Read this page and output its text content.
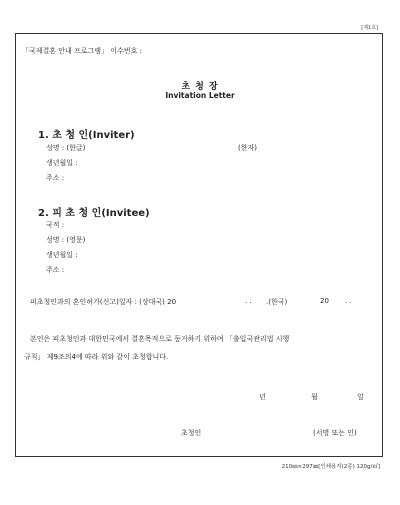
[제1호]
「국제결혼 안내 프로그램」 이수번호 :
초 청 장
Invitation Letter
1. 초 청 인(Inviter)
성명 : (한글)	(한자)
생년월일 :
주소 :
2. 피 초 청 인(Invitee)
국적 :
성명 : (영문)
생년월일 :
주소 :
피초청인과의 혼인허가(신고)일자 : (상대국) 20	. . .(한국)	20 . .
본인은 피초청인과 대한민국에서 결혼목적으로 동거하기 위하여 「출입국관리법 시행
규칙」 제9조의4에 따라 위와 같이 초청합니다.
년	월	일
초청인	(서명 또는 인)
210㎜×297㎜[인쇄용지(2종) 120g/㎡]
